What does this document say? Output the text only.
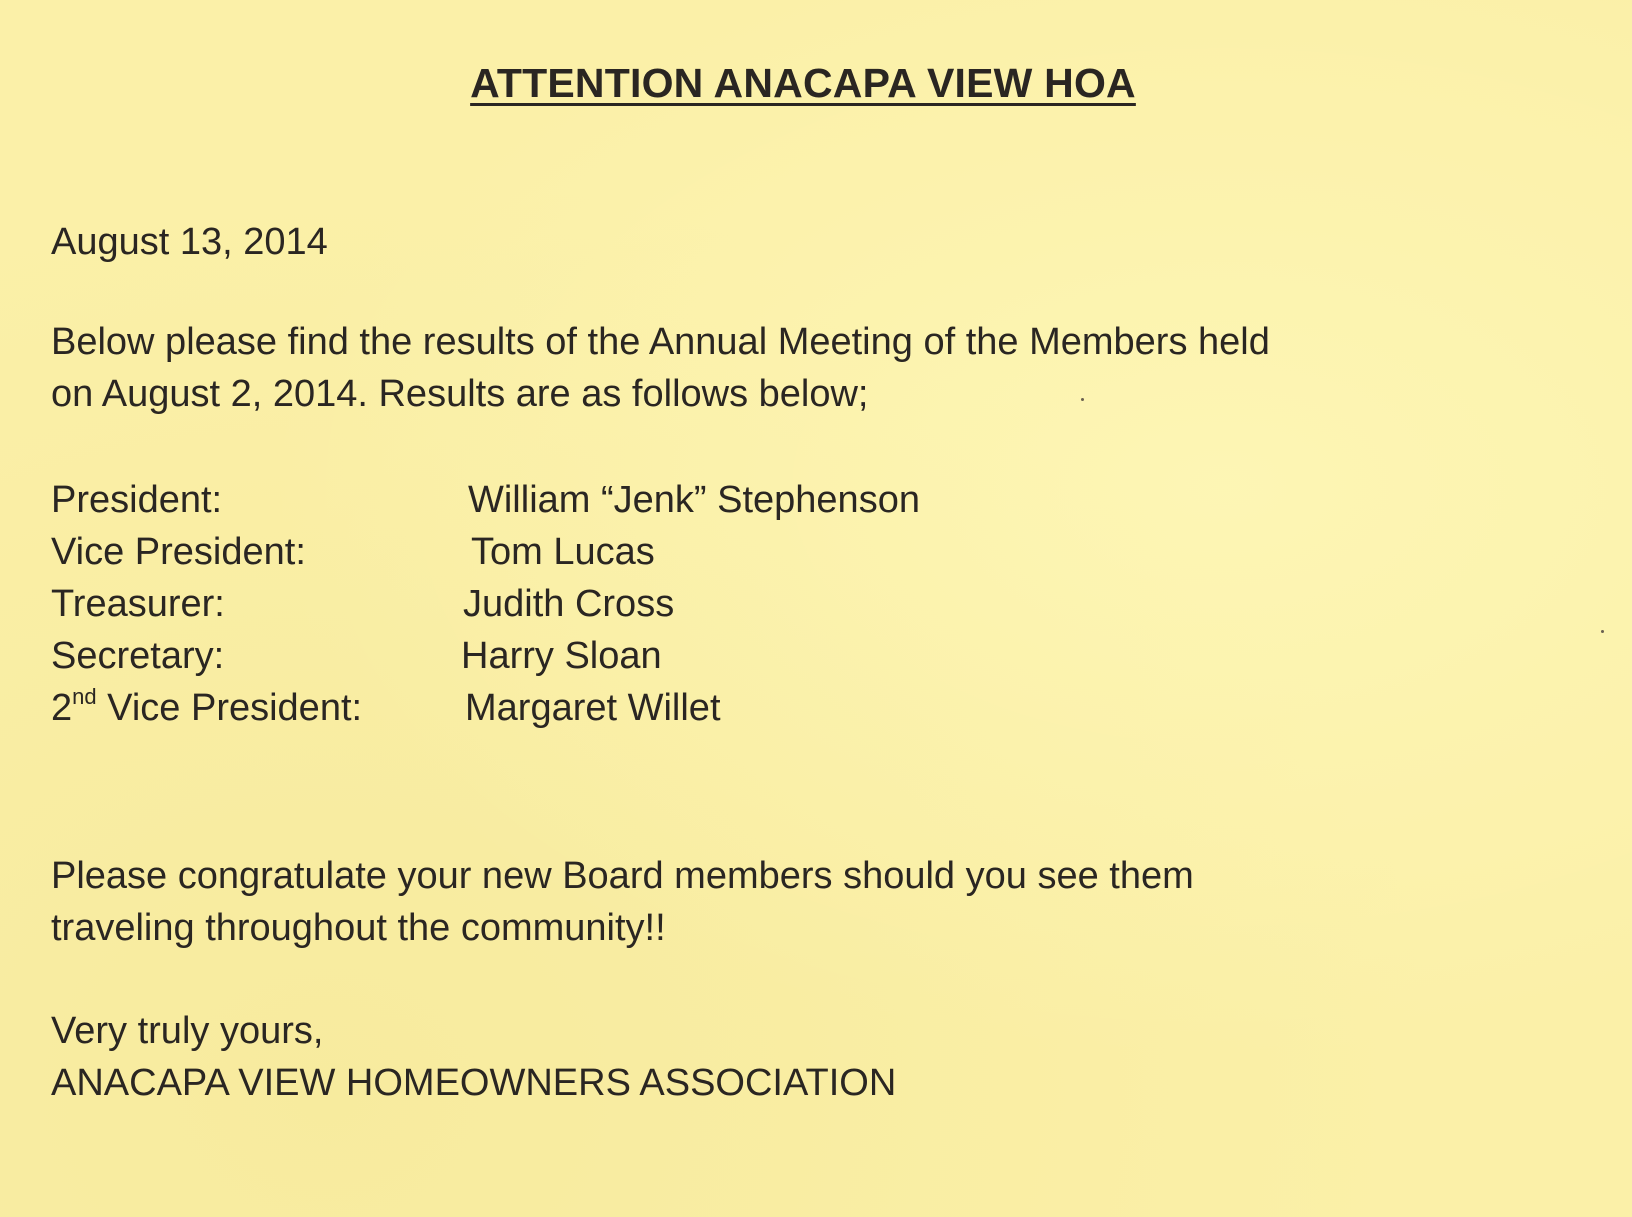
ATTENTION ANACAPA VIEW HOA
August 13, 2014
Below please find the results of the Annual Meeting of the Members held
on August 2, 2014. Results are as follows below;
President:	William “Jenk” Stephenson
Vice President:	Tom Lucas
Treasurer:	Judith Cross
Secretary:	Harry Sloan
2nd Vice President:	Margaret Willet
Please congratulate your new Board members should you see them
traveling throughout the community!!
Very truly yours,
ANACAPA VIEW HOMEOWNERS ASSOCIATION
